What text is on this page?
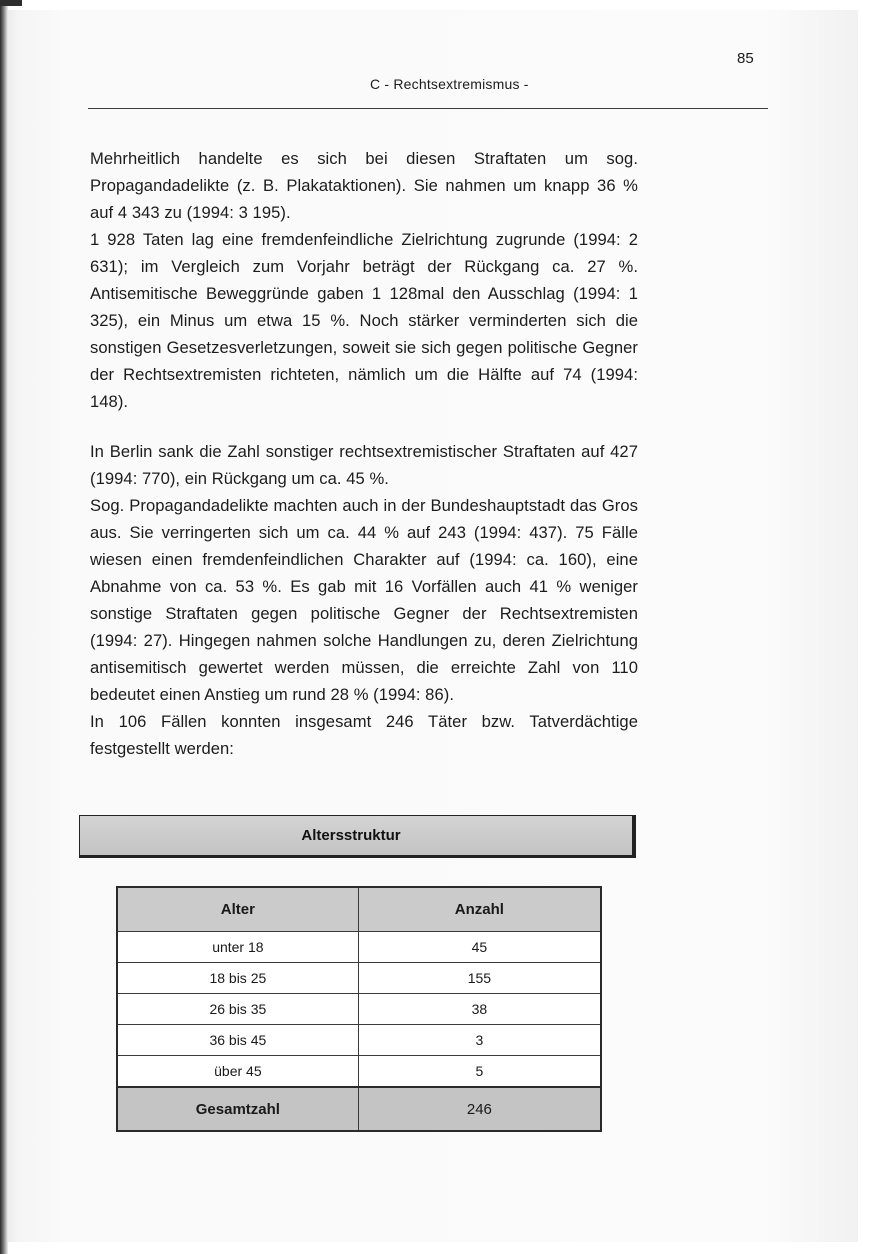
85
C - Rechtsextremismus -

Mehrheitlich handelte es sich bei diesen Straftaten um sog. Propagandadelikte (z. B. Plakataktionen). Sie nahmen um knapp 36 % auf 4 343 zu (1994: 3 195).

1 928 Taten lag eine fremdenfeindliche Zielrichtung zugrunde (1994: 2 631); im Vergleich zum Vorjahr beträgt der Rückgang ca. 27 %. Antisemitische Beweggründe gaben 1 128mal den Ausschlag (1994: 1 325), ein Minus um etwa 15 %. Noch stärker verminderten sich die sonstigen Gesetzesverletzungen, soweit sie sich gegen politische Gegner der Rechtsextremisten richteten, nämlich um die Hälfte auf 74 (1994: 148).

In Berlin sank die Zahl sonstiger rechtsextremistischer Straftaten auf 427 (1994: 770), ein Rückgang um ca. 45 %.

Sog. Propagandadelikte machten auch in der Bundeshauptstadt das Gros aus. Sie verringerten sich um ca. 44 % auf 243 (1994: 437). 75 Fälle wiesen einen fremdenfeindlichen Charakter auf (1994: ca. 160), eine Abnahme von ca. 53 %. Es gab mit 16 Vorfällen auch 41 % weniger sonstige Straftaten gegen politische Gegner der Rechtsextremisten (1994: 27). Hingegen nahmen solche Handlungen zu, deren Zielrichtung antisemitisch gewertet werden müssen, die erreichte Zahl von 110 bedeutet einen Anstieg um rund 28 % (1994: 86).

In 106 Fällen konnten insgesamt 246 Täter bzw. Tatverdächtige festgestellt werden:

Altersstruktur
Alter	Anzahl
unter 18	45
18 bis 25	155
26 bis 35	38
36 bis 45	3
über 45	5
Gesamtzahl	246
